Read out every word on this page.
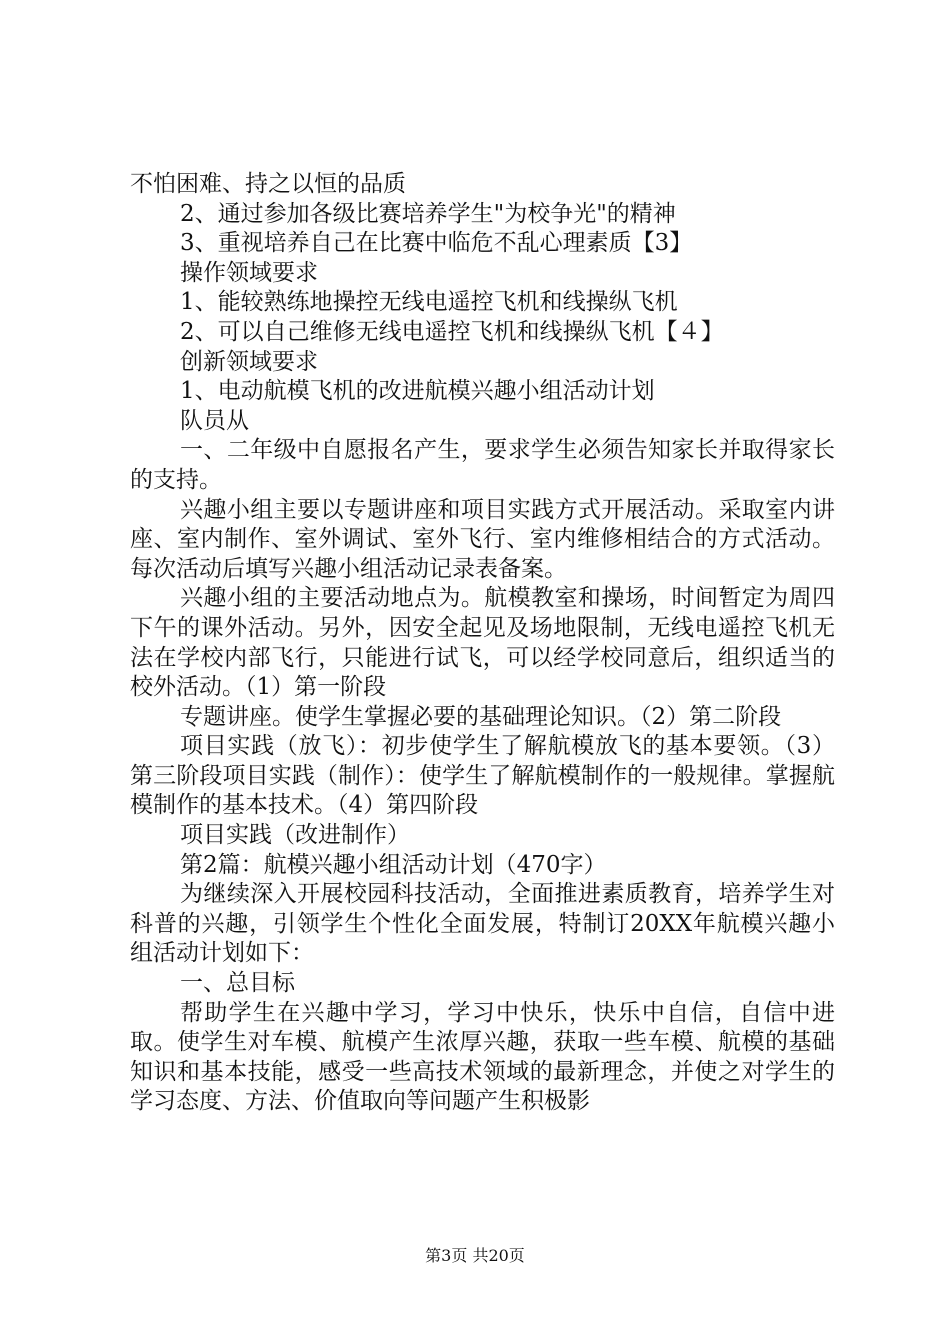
不怕困难、持之以恒的品质

2、通过参加各级比赛培养学生"为校争光"的精神

3、重视培养自己在比赛中临危不乱心理素质【3】

操作领域要求

1、能较熟练地操控无线电遥控飞机和线操纵飞机

2、可以自己维修无线电遥控飞机和线操纵飞机【４】

创新领域要求

1、电动航模飞机的改进航模兴趣小组活动计划

队员从

一、二年级中自愿报名产生，要求学生必须告知家长并取得家长的支持。

兴趣小组主要以专题讲座和项目实践方式开展活动。采取室内讲座、室内制作、室外调试、室外飞行、室内维修相结合的方式活动。每次活动后填写兴趣小组活动记录表备案。

兴趣小组的主要活动地点为。航模教室和操场，时间暂定为周四下午的课外活动。另外，因安全起见及场地限制，无线电遥控飞机无法在学校内部飞行，只能进行试飞，可以经学校同意后，组织适当的校外活动。（1）第一阶段

专题讲座。使学生掌握必要的基础理论知识。（2）第二阶段

项目实践（放飞）：初步使学生了解航模放飞的基本要领。（3）第三阶段项目实践（制作）：使学生了解航模制作的一般规律。掌握航模制作的基本技术。（4）第四阶段

项目实践（改进制作）

第2篇：航模兴趣小组活动计划（470字）

为继续深入开展校园科技活动，全面推进素质教育，培养学生对科普的兴趣，引领学生个性化全面发展，特制订20XX年航模兴趣小组活动计划如下：

一、总目标

帮助学生在兴趣中学习，学习中快乐，快乐中自信，自信中进取。使学生对车模、航模产生浓厚兴趣，获取一些车模、航模的基础知识和基本技能，感受一些高技术领域的最新理念，并使之对学生的学习态度、方法、价值取向等问题产生积极影

第3页 共20页
